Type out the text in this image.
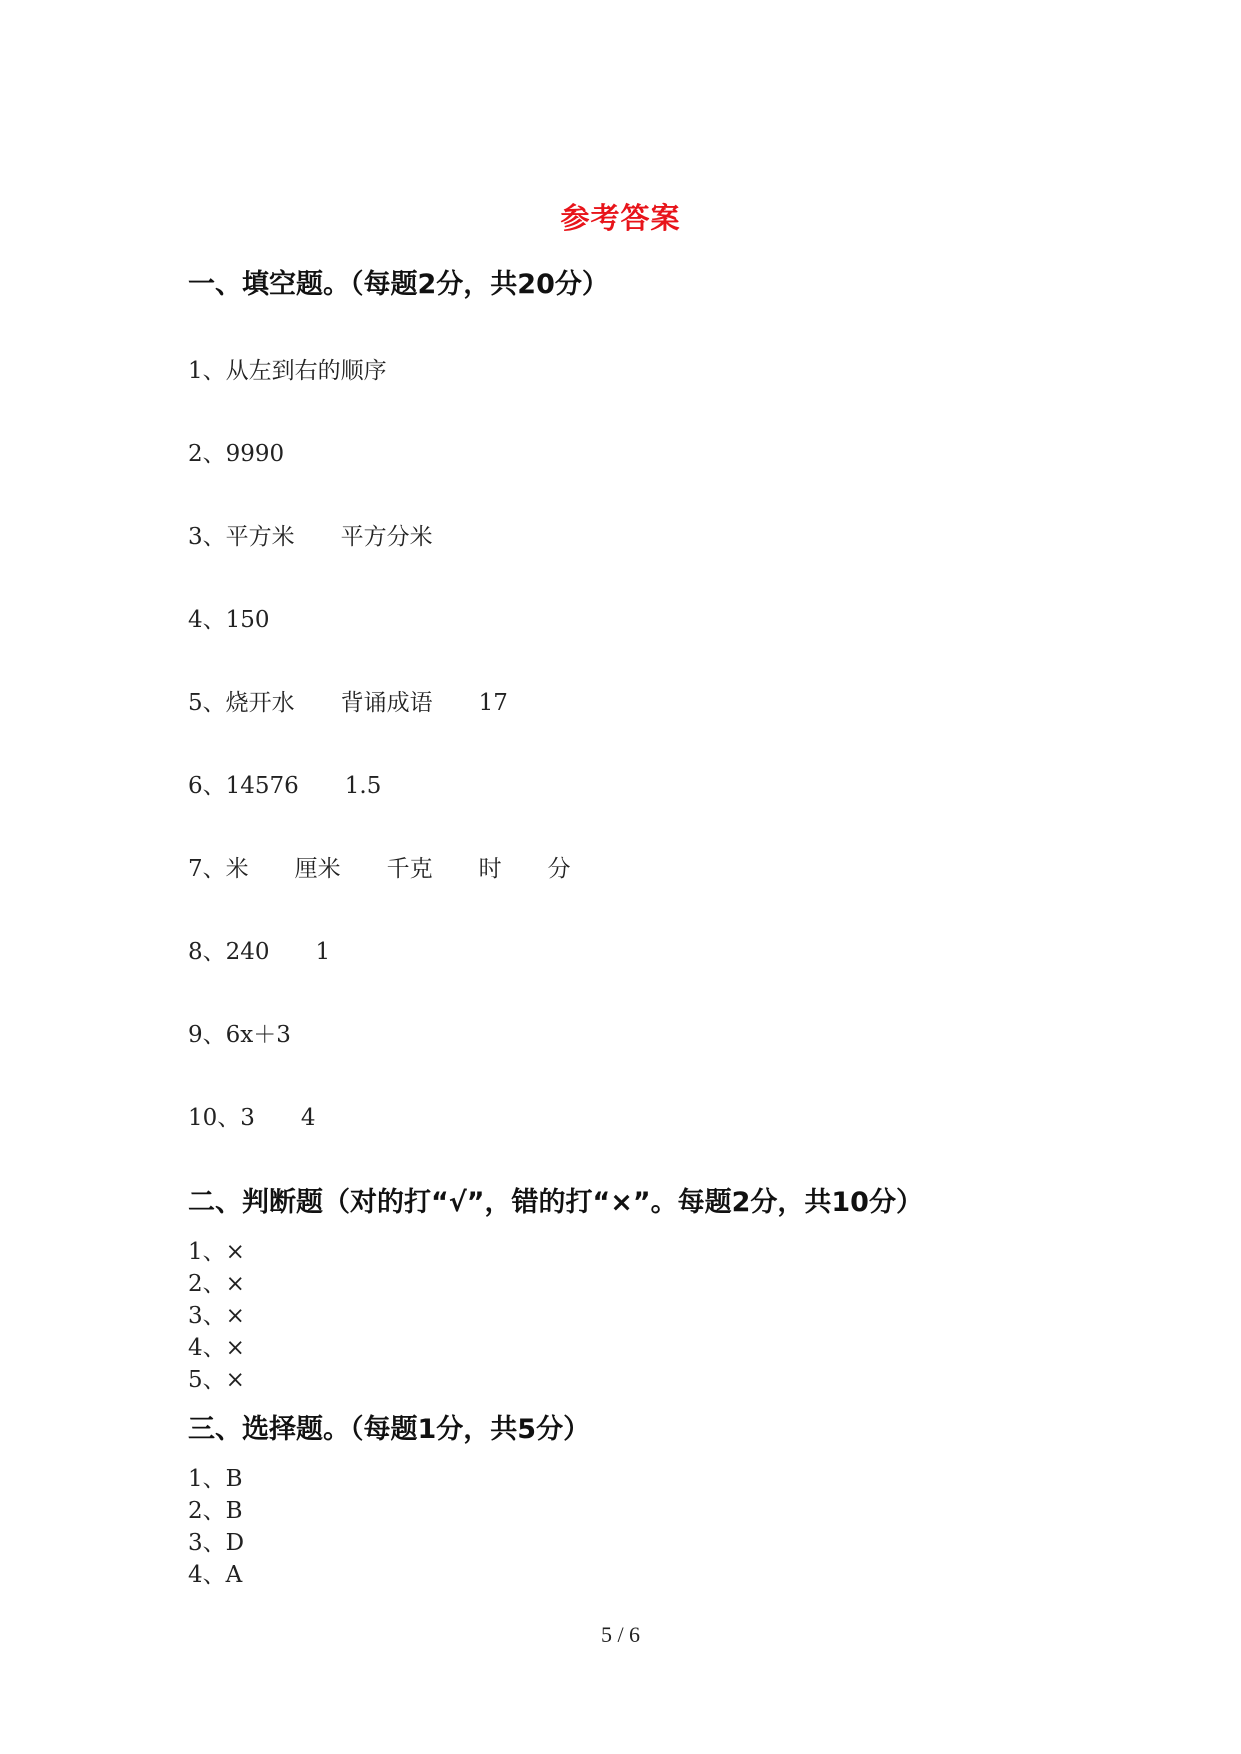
参考答案
一、填空题。（每题2分，共20分）
1、从左到右的顺序
2、9990
3、平方米　　平方分米
4、150
5、烧开水　　背诵成语　　17
6、14576　　1.5
7、米　　厘米　　千克　　时　　分
8、240　　1
9、6x＋3
10、3　　4
二、判断题（对的打“√”，错的打“×”。每题2分，共10分）
1、×
2、×
3、×
4、×
5、×
三、选择题。（每题1分，共5分）
1、B
2、B
3、D
4、A
5 / 6
